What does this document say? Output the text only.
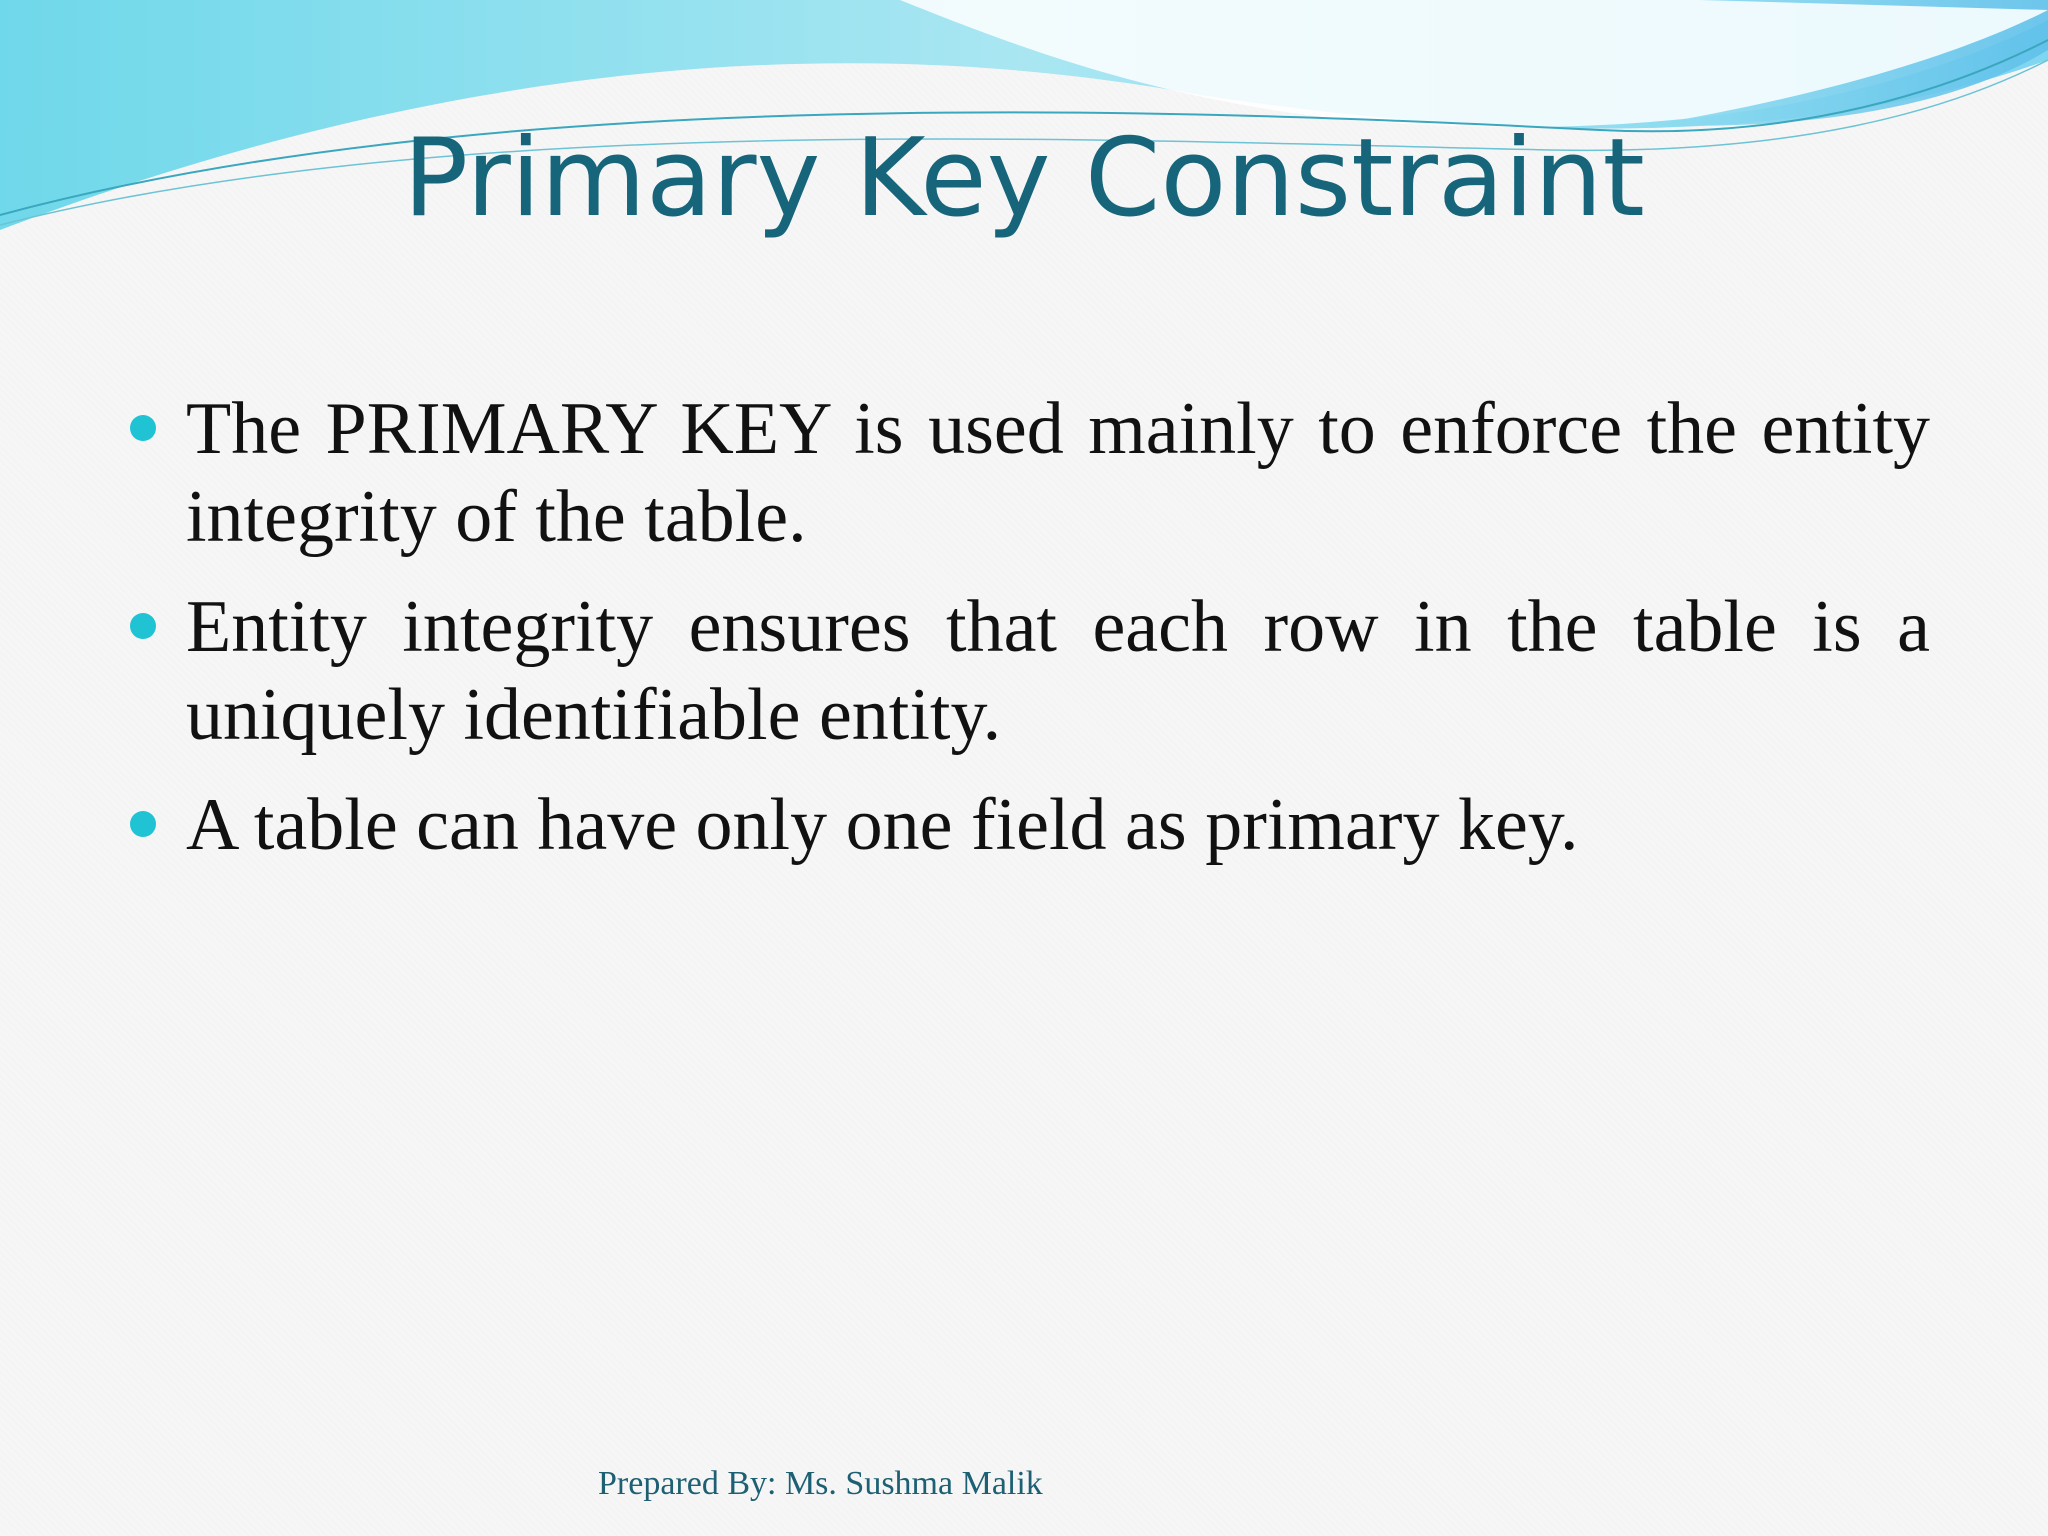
Primary Key Constraint
The PRIMARY KEY is used mainly to enforce the entity integrity of the table.
Entity integrity ensures that each row in the table is a uniquely identifiable entity.
A table can have only one field as primary key.
Prepared By: Ms. Sushma Malik
